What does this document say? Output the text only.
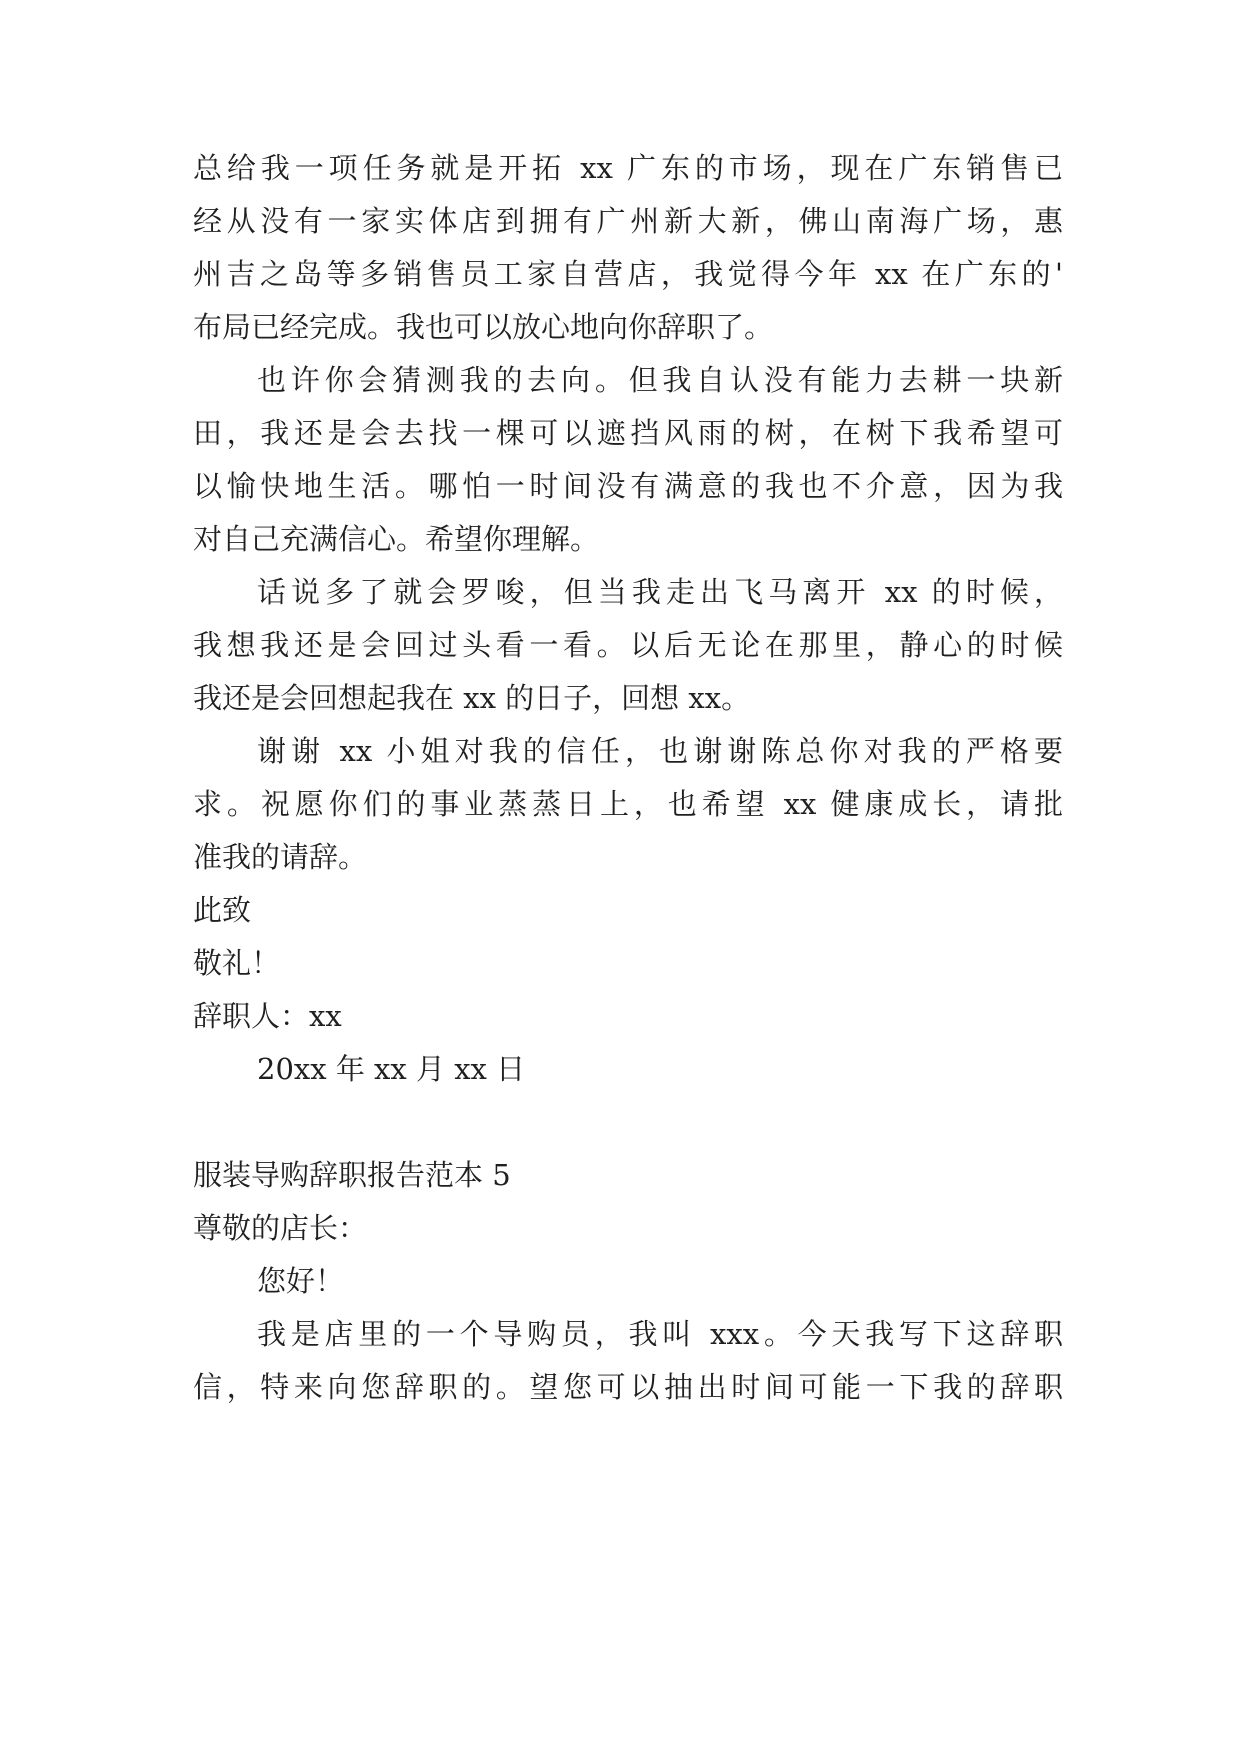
总给我一项任务就是开拓 xx 广东的市场，现在广东销售已
经从没有一家实体店到拥有广州新大新，佛山南海广场，惠
州吉之岛等多销售员工家自营店，我觉得今年 xx 在广东的'
布局已经完成。我也可以放心地向你辞职了。
也许你会猜测我的去向。但我自认没有能力去耕一块新
田，我还是会去找一棵可以遮挡风雨的树，在树下我希望可
以愉快地生活。哪怕一时间没有满意的我也不介意，因为我
对自己充满信心。希望你理解。
话说多了就会罗唆，但当我走出飞马离开 xx 的时候，
我想我还是会回过头看一看。以后无论在那里，静心的时候
我还是会回想起我在 xx 的日子，回想 xx。
谢谢 xx 小姐对我的信任，也谢谢陈总你对我的严格要
求。祝愿你们的事业蒸蒸日上，也希望 xx 健康成长，请批
准我的请辞。
此致
敬礼！
辞职人：xx
20xx 年 xx 月 xx 日
服装导购辞职报告范本 5
尊敬的店长：
您好！
我是店里的一个导购员，我叫 xxx。今天我写下这辞职
信，特来向您辞职的。望您可以抽出时间可能一下我的辞职
